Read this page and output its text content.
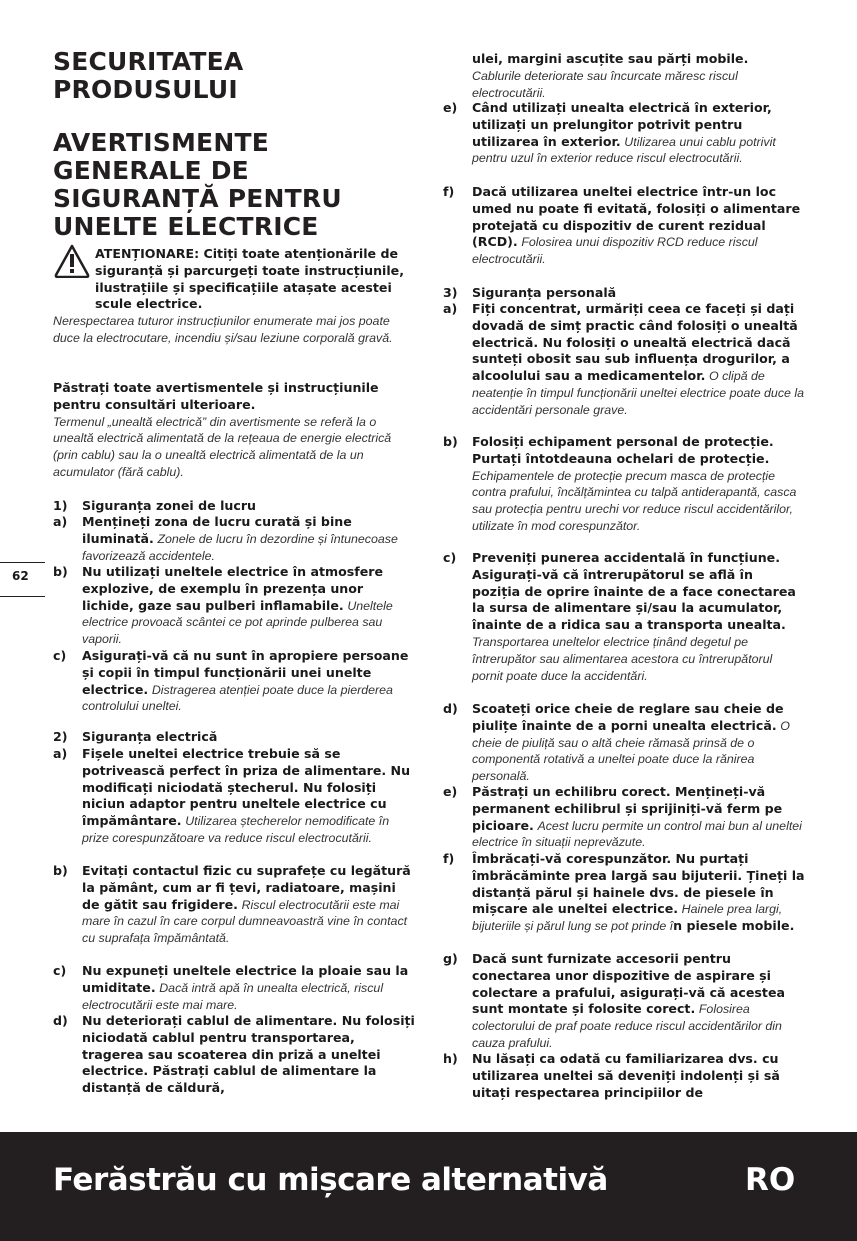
SECURITATEA
PRODUSULUI
AVERTISMENTE
GENERALE DE
SIGURANȚĂ PENTRU
UNELTE ELECTRICE
ATENȚIONARE: Citiți toate atenționările de siguranță și parcurgeți toate instrucțiunile, ilustrațiile și specificațiile atașate acestei scule electrice.
Nerespectarea tuturor instrucțiunilor enumerate mai jos poate duce la electrocutare, incendiu și/sau leziune corporală gravă.
Păstrați toate avertismentele și instrucțiunile pentru consultări ulterioare.
Termenul „unealtă electrică” din avertismente se referă la o unealtă electrică alimentată de la rețeaua de energie electrică (prin cablu) sau la o unealtă electrică alimentată de la un acumulator (fără cablu).
1) Siguranța zonei de lucru
a) Mențineți zona de lucru curată și bine iluminată. Zonele de lucru în dezordine și întunecoase favorizează accidentele.
b) Nu utilizați uneltele electrice în atmosfere explozive, de exemplu în prezența unor lichide, gaze sau pulberi inflamabile. Uneltele electrice provoacă scântei ce pot aprinde pulberea sau vaporii.
c) Asigurați-vă că nu sunt în apropiere persoane și copii în timpul funcționării unei unelte electrice. Distragerea atenției poate duce la pierderea controlului uneltei.
2) Siguranța electrică
a) Fișele uneltei electrice trebuie să se potrivească perfect în priza de alimentare. Nu modificați niciodată ștecherul. Nu folosiți niciun adaptor pentru uneltele electrice cu împământare. Utilizarea ștecherelor nemodificate în prize corespunzătoare va reduce riscul electrocutării.
b) Evitați contactul fizic cu suprafețe cu legătură la pământ, cum ar fi țevi, radiatoare, mașini de gătit sau frigidere. Riscul electrocutării este mai mare în cazul în care corpul dumneavoastră vine în contact cu suprafața împământată.
c) Nu expuneți uneltele electrice la ploaie sau la umiditate. Dacă intră apă în unealta electrică, riscul electrocutării este mai mare.
d) Nu deteriorați cablul de alimentare. Nu folosiți niciodată cablul pentru transportarea, tragerea sau scoaterea din priză a uneltei electrice. Păstrați cablul de alimentare la distanță de căldură,
ulei, margini ascuțite sau părți mobile.
Cablurile deteriorate sau încurcate măresc riscul electrocutării.
e) Când utilizați unealta electrică în exterior, utilizați un prelungitor potrivit pentru utilizarea în exterior. Utilizarea unui cablu potrivit pentru uzul în exterior reduce riscul electrocutării.
f) Dacă utilizarea uneltei electrice într-un loc umed nu poate fi evitată, folosiți o alimentare protejată cu dispozitiv de curent rezidual (RCD). Folosirea unui dispozitiv RCD reduce riscul electrocutării.
3) Siguranța personală
a) Fiți concentrat, urmăriți ceea ce faceți și dați dovadă de simț practic când folosiți o unealtă electrică. Nu folosiți o unealtă electrică dacă sunteți obosit sau sub influența drogurilor, a alcoolului sau a medicamentelor. O clipă de neatenție în timpul funcționării uneltei electrice poate duce la accidentări personale grave.
b) Folosiți echipament personal de protecție. Purtați întotdeauna ochelari de protecție. Echipamentele de protecție precum masca de protecție contra prafului, încălțămintea cu talpă antiderapantă, casca sau protecția pentru urechi vor reduce riscul accidentărilor, utilizate în mod corespunzător.
c) Preveniți punerea accidentală în funcțiune. Asigurați-vă că întrerupătorul se află în poziția de oprire înainte de a face conectarea la sursa de alimentare și/sau la acumulator, înainte de a ridica sau a transporta unealta. Transportarea uneltelor electrice ținând degetul pe întrerupător sau alimentarea acestora cu întrerupătorul pornit poate duce la accidentări.
d) Scoateți orice cheie de reglare sau cheie de piulițe înainte de a porni unealta electrică. O cheie de piuliță sau o altă cheie rămasă prinsă de o componentă rotativă a uneltei poate duce la rănirea personală.
e) Păstrați un echilibru corect. Mențineți-vă permanent echilibrul și sprijiniți-vă ferm pe picioare. Acest lucru permite un control mai bun al uneltei electrice în situații neprevăzute.
f) Îmbrăcați-vă corespunzător. Nu purtați îmbrăcăminte prea largă sau bijuterii. Țineți la distanță părul și hainele dvs. de piesele în mișcare ale uneltei electrice. Hainele prea largi, bijuteriile și părul lung se pot prinde în piesele mobile.
g) Dacă sunt furnizate accesorii pentru conectarea unor dispozitive de aspirare și colectare a prafului, asigurați-vă că acestea sunt montate și folosite corect. Folosirea colectorului de praf poate reduce riscul accidentărilor din cauza prafului.
h) Nu lăsați ca odată cu familiarizarea dvs. cu utilizarea uneltei să deveniți indolenți și să uitați respectarea principiilor de
62
Ferăstrău cu mișcare alternativă	RO
